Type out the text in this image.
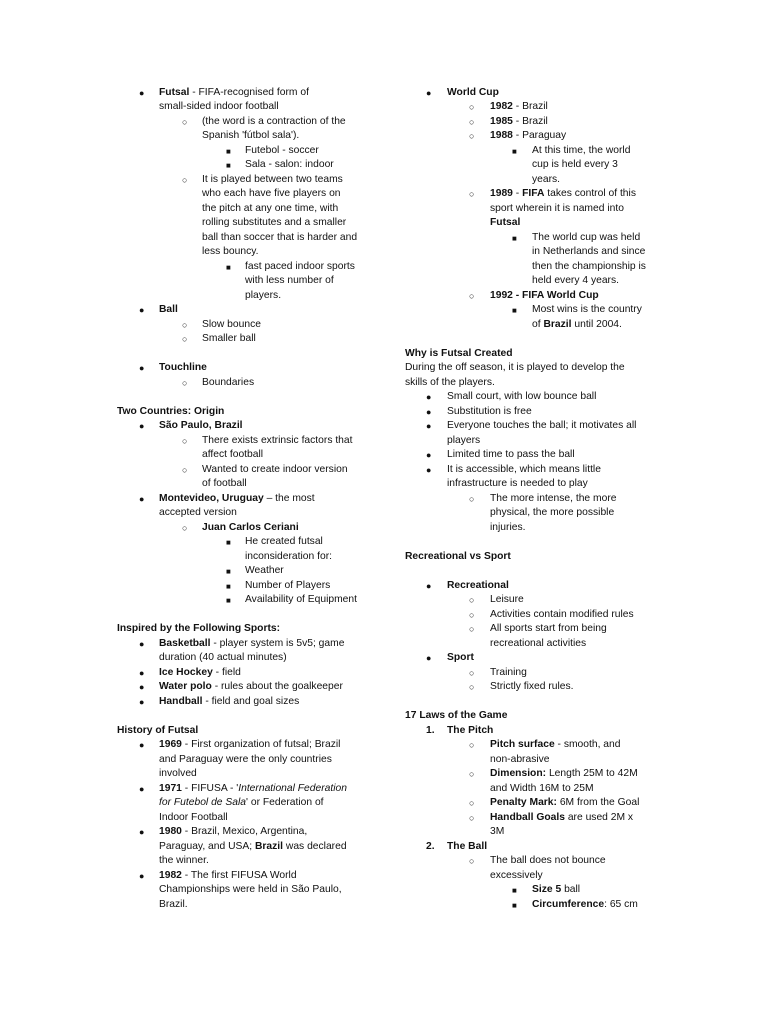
●
Futsal - FIFA-recognised form of
small-sided indoor football
○
(the word is a contraction of the
Spanish 'fútbol sala').
■
Futebol - soccer
■
Sala - salon: indoor
○
It is played between two teams
who each have five players on
the pitch at any one time, with
rolling substitutes and a smaller
ball than soccer that is harder and
less bouncy.
■
fast paced indoor sports
with less number of
players.
●
Ball
○
Slow bounce
○
Smaller ball
●
Touchline
○
Boundaries
Two Countries: Origin
●
São Paulo, Brazil
○
There exists extrinsic factors that
affect football
○
Wanted to create indoor version
of football
●
Montevideo, Uruguay – the most
accepted version
○
Juan Carlos Ceriani
■
He created futsal
inconsideration for:
■
Weather
■
Number of Players
■
Availability of Equipment
Inspired by the Following Sports:
●
Basketball - player system is 5v5; game
duration (40 actual minutes)
●
Ice Hockey - field
●
Water polo - rules about the goalkeeper
●
Handball - field and goal sizes
History of Futsal
●
1969 - First organization of futsal; Brazil
and Paraguay were the only countries
involved
●
1971 - FIFUSA - 'International Federation
for Futebol de Sala' or Federation of
Indoor Football
●
1980 - Brazil, Mexico, Argentina,
Paraguay, and USA; Brazil was declared
the winner.
●
1982 - The first FIFUSA World
Championships were held in São Paulo,
Brazil.
●
World Cup
○
1982 - Brazil
○
1985 - Brazil
○
1988 - Paraguay
■
At this time, the world
cup is held every 3
years.
○
1989 - FIFA takes control of this
sport wherein it is named into
Futsal
■
The world cup was held
in Netherlands and since
then the championship is
held every 4 years.
○
1992 - FIFA World Cup
■
Most wins is the country
of Brazil until 2004.
Why is Futsal Created
During the off season, it is played to develop the
skills of the players.
●
Small court, with low bounce ball
●
Substitution is free
●
Everyone touches the ball; it motivates all
players
●
Limited time to pass the ball
●
It is accessible, which means little
infrastructure is needed to play
○
The more intense, the more
physical, the more possible
injuries.
Recreational vs Sport
●
Recreational
○
Leisure
○
Activities contain modified rules
○
All sports start from being
recreational activities
●
Sport
○
Training
○
Strictly fixed rules.
17 Laws of the Game
1. The Pitch
○
Pitch surface - smooth, and
non-abrasive
○
Dimension: Length 25M to 42M
and Width 16M to 25M
○
Penalty Mark: 6M from the Goal
○
Handball Goals are used 2M x
3M
2. The Ball
○
The ball does not bounce
excessively
■
Size 5 ball
■
Circumference: 65 cm
